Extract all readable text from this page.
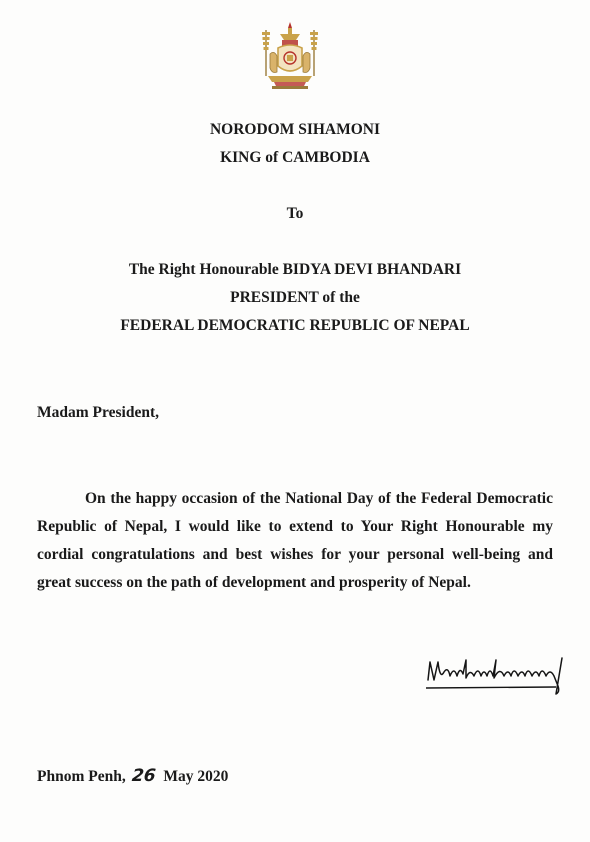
NORODOM SIHAMONI
KING of CAMBODIA
To
The Right Honourable BIDYA DEVI BHANDARI
PRESIDENT of the
FEDERAL DEMOCRATIC REPUBLIC OF NEPAL
Madam President,

On the happy occasion of the National Day of the Federal Democratic Republic of Nepal, I would like to extend to Your Right Honourable my cordial congratulations and best wishes for your personal well-being and great success on the path of development and prosperity of Nepal.

Phnom Penh, 26 May 2020
